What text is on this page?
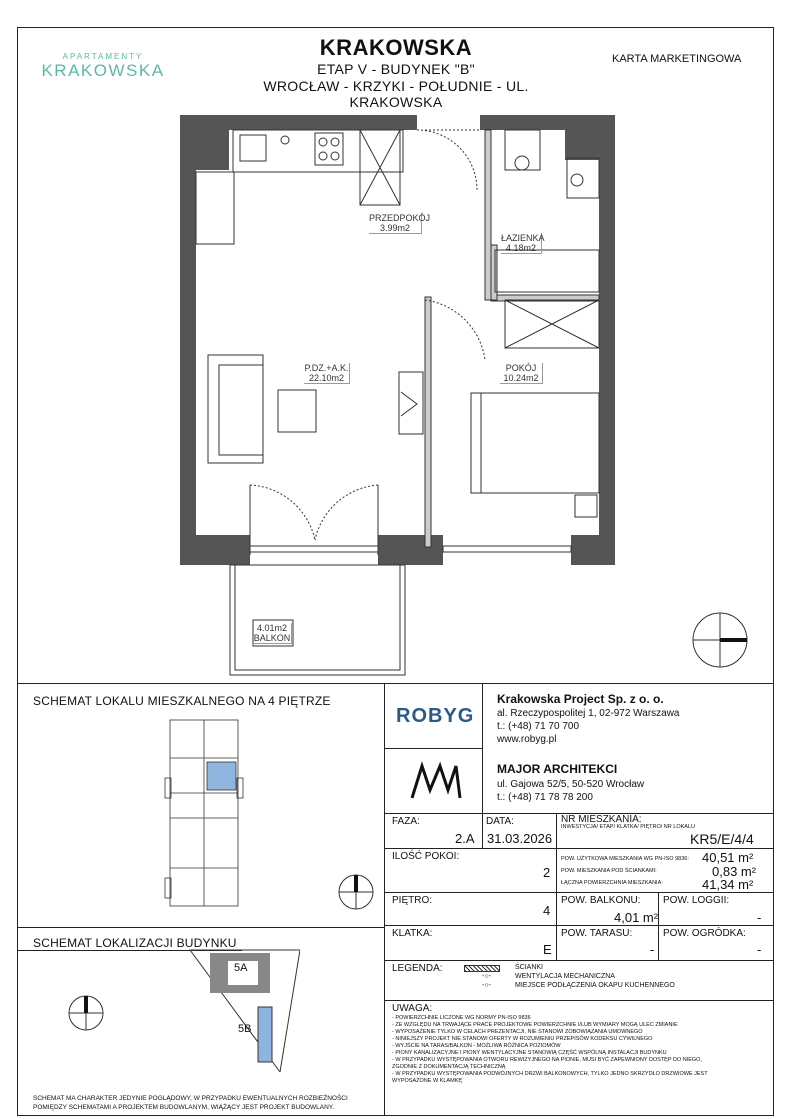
APARTAMENTY
KRAKOWSKA
KRAKOWSKA
ETAP V - BUDYNEK "B"
WROCŁAW - KRZYKI - POŁUDNIE - UL. KRAKOWSKA
KARTA MARKETINGOWA
PRZEDPOKÓJ
3.99m2
ŁAZIENKA
4.18m2
P.DZ.+A.K.
22.10m2
POKÓJ
10.24m2
4.01m2
BALKON
SCHEMAT LOKALU MIESZKALNEGO NA 4 PIĘTRZE
SCHEMAT LOKALIZACJI BUDYNKU
5A
5B
SCHEMAT MA CHARAKTER JEDYNIE POGLĄDOWY, W PRZYPADKU EWENTUALNYCH ROZBIEŻNOŚCI POMIĘDZY SCHEMATAMI A PROJEKTEM BUDOWLANYM, WIĄŻĄCY JEST PROJEKT BUDOWLANY.
ROBYG
Krakowska Project Sp. z o. o.
al. Rzeczypospolitej 1, 02-972 Warszawa
t.: (+48) 71 70 700
www.robyg.pl
MAJOR ARCHITEKCI
ul. Gajowa 52/5, 50-520 Wrocław
t.: (+48) 71 78 78 200
FAZA:
2.A
DATA:
31.03.2026
NR MIESZKANIA:
INWESTYCJA/ ETAP/ KLATKA/ PIĘTRO/ NR LOKALU
KR5/E/4/4
ILOŚĆ POKOI:
2
POW. UŻYTKOWA MIESZKANIA WG PN-ISO 9836: 40,51 m²
POW. MIESZKANIA POD ŚCIANKAMI:	0,83 m²
ŁĄCZNA POWIERZCHNIA MIESZKANIA:	41,34 m²
PIĘTRO:
4
POW. BALKONU:
4,01 m²
POW. LOGGII:
-
KLATKA:
E
POW. TARASU:
-
POW. OGRÓDKA:
-
LEGENDA:	ŚCIANKI
-○-	WENTYLACJA MECHANICZNA
-○-	MIEJSCE PODŁĄCZENIA OKAPU KUCHENNEGO
UWAGA:
- POWIERZCHNIE LICZONE WG NORMY PN-ISO 9836
- ZE WZGLĘDU NA TRWAJĄCE PRACE PROJEKTOWE POWIERZCHNIE I/LUB WYMIARY MOGĄ ULEC ZMIANIE
- WYPOSAŻENIE TYLKO W CELACH PREZENTACJI, NIE STANOWI ZOBOWIĄZANIA UMOWNEGO
- NINIEJSZY PROJEKT NIE STANOWI OFERTY W ROZUMIENIU PRZEPISÓW KODEKSU CYWILNEGO
- WYJŚCIE NA TARAS/BALKON - MOŻLIWA RÓŻNICA POZIOMÓW
- PIONY KANALIZACYJNE I PIONY WENTYLACYJNE STANOWIĄ CZĘŚĆ WSPÓLNĄ INSTALACJI BUDYNKU
- W PRZYPADKU WYSTĘPOWANIA OTWORU REWIZYJNEGO NA PIONIE, MUSI BYĆ ZAPEWNIONY DOSTĘP DO NIEGO, ZGODNIE Z DOKUMENTACJĄ TECHNICZNĄ
- W PRZYPADKU WYSTĘPOWANIA PODWÓJNYCH DRZWI BALKONOWYCH, TYLKO JEDNO SKRZYDŁO DRZWIOWE JEST WYPOSAŻONE W KLAMKĘ
